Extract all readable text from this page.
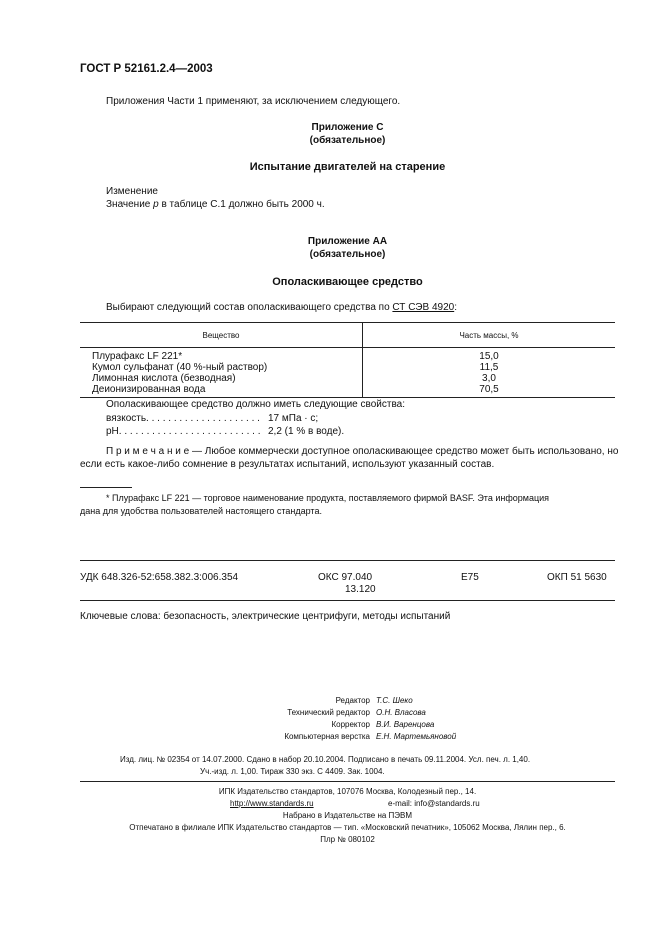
ГОСТ Р 52161.2.4—2003
Приложения Части 1 применяют, за исключением следующего.
Приложение С
(обязательное)
Испытание двигателей на старение
Изменение
Значение p в таблице С.1 должно быть 2000 ч.
Приложение АА
(обязательное)
Ополаскивающее средство
Выбирают следующий состав ополаскивающего средства по СТ СЭВ 4920:
Вещество	Часть массы, %
Плурафакс LF 221*	15,0
Кумол сульфанат (40 %-ный раствор)	11,5
Лимонная кислота (безводная)	3,0
Деионизированная вода	70,5
Ополаскивающее средство должно иметь следующие свойства:
вязкость. . . . . . . . . . . . . . . . . . . . . 17 мПа · с;
рН. . . . . . . . . . . . . . . . . . . . . . . . . . 2,2 (1 % в воде).
П р и м е ч а н и е — Любое коммерчески доступное ополаскивающее средство может быть использовано, но
если есть какое-либо сомнение в результатах испытаний, используют указанный состав.
* Плурафакс LF 221 — торговое наименование продукта, поставляемого фирмой BASF. Эта информация
дана для удобства пользователей настоящего стандарта.
УДК 648.326-52:658.382.3:006.354	ОКС 97.040
13.120
Е75	ОКП 51 5630
Ключевые слова: безопасность, электрические центрифуги, методы испытаний
Редактор Т.С. Шеко
Технический редактор О.Н. Власова
Корректор В.И. Варенцова
Компьютерная верстка Е.Н. Мартемьяновой
Изд. лиц. № 02354 от 14.07.2000. Сдано в набор 20.10.2004. Подписано в печать 09.11.2004. Усл. печ. л. 1,40.
Уч.-изд. л. 1,00. Тираж 330 экз. С 4409. Зак. 1004.
ИПК Издательство стандартов, 107076 Москва, Колодезный пер., 14.
http://www.standards.ru	e-mail: info@standards.ru
Набрано в Издательстве на ПЭВМ
Отпечатано в филиале ИПК Издательство стандартов — тип. «Московский печатник», 105062 Москва, Лялин пер., 6.
Плр № 080102
